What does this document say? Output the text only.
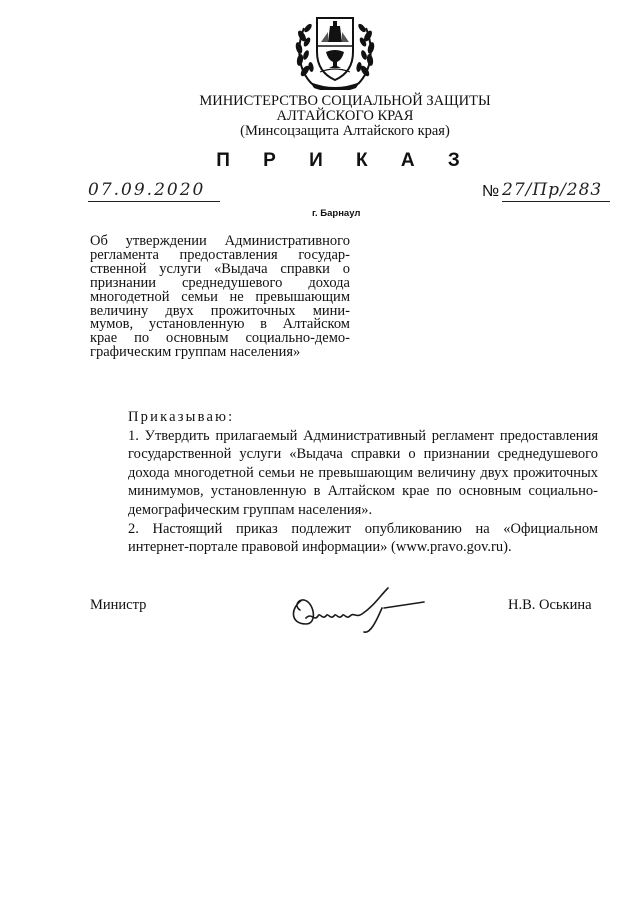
МИНИСТЕРСТВО СОЦИАЛЬНОЙ ЗАЩИТЫ
АЛТАЙСКОГО КРАЯ
(Минсоцзащита Алтайского края)
П Р И К А З
07.09.2020	№ 27/Пр/283
г. Барнаул
Об утверждении Административного
регламента предоставления государ-
ственной услуги «Выдача справки о
признании среднедушевого дохода
многодетной семьи не превышающим
величину двух прожиточных мини-
мумов, установленную в Алтайском
крае по основным социально-демо-
графическим группам населения»
Приказываю:
1. Утвердить прилагаемый Административный регламент предоставления государственной услуги «Выдача справки о признании среднедушевого дохода многодетной семьи не превышающим величину двух прожиточных минимумов, установленную в Алтайском крае по основным социально-демографическим группам населения».
2. Настоящий приказ подлежит опубликованию на «Официальном интернет-портале правовой информации» (www.pravo.gov.ru).
Министр	Н.В. Оськина
